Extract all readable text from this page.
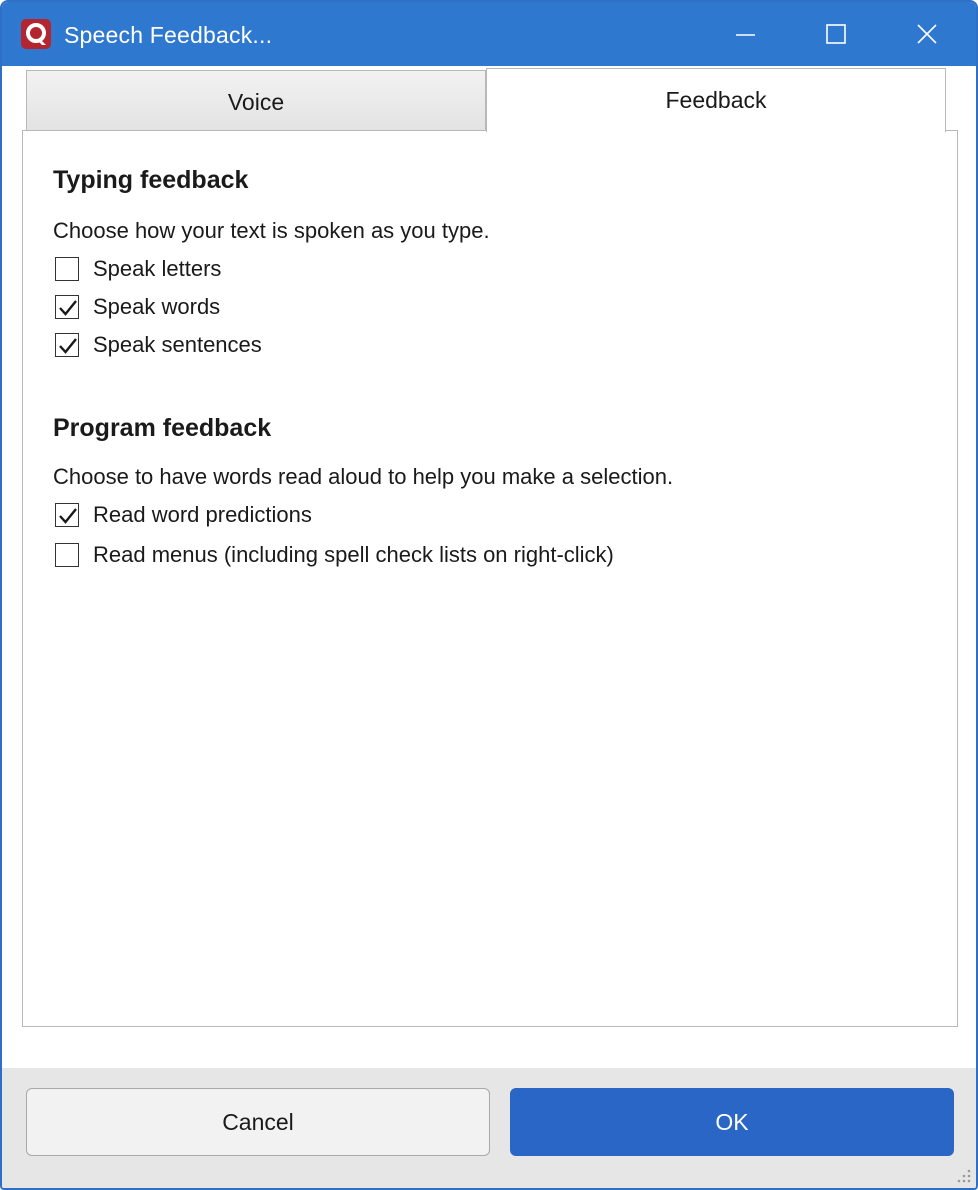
Speech Feedback...
Voice	Feedback
Typing feedback
Choose how your text is spoken as you type.
Speak letters
Speak words
Speak sentences
Program feedback
Choose to have words read aloud to help you make a selection.
Read word predictions
Read menus (including spell check lists on right-click)
Cancel	OK
